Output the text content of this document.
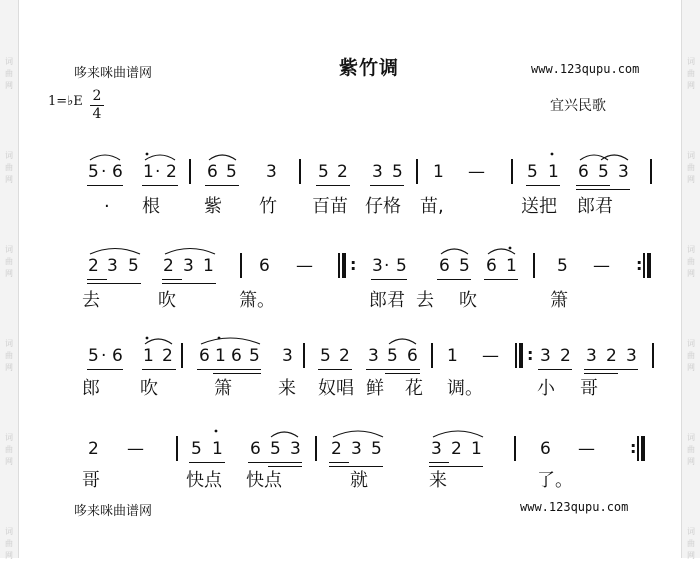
词
曲
网
词
曲
网
词
曲
网
词
曲
网
词
曲
网
词
曲
网
词
曲
网
词
曲
网
词
曲
网
词
曲
网
词
曲
网
词
曲
网
哆来咪曲谱网	紫竹调	www.123qupu.com
1=♭E 2
4	宜兴民歌
5 · 6 1 · 2 6 5 3 5 2 3 5 1 — 5 1 6 5 3
· 根 紫 竹 百苗 仔格 苗,	送把 郎君
2 3 5 2 3 1	6 —	3 · 5 6 5 6 1 5 —
:	:
去	吹	箫。	郎君 去 吹	箫
5 · 6 1 2 6 1 6 5 3 5 2 3 5 6 1 — 3 2 3 2 3
:
郎 吹	箫	来 奴唱 鲜 花 调。	小 哥
2 —	5 1 6 5 3 2 3 5	3 2 1	6 — :
哥	快点 快点	就	来	了。
哆来咪曲谱网	www.123qupu.com
